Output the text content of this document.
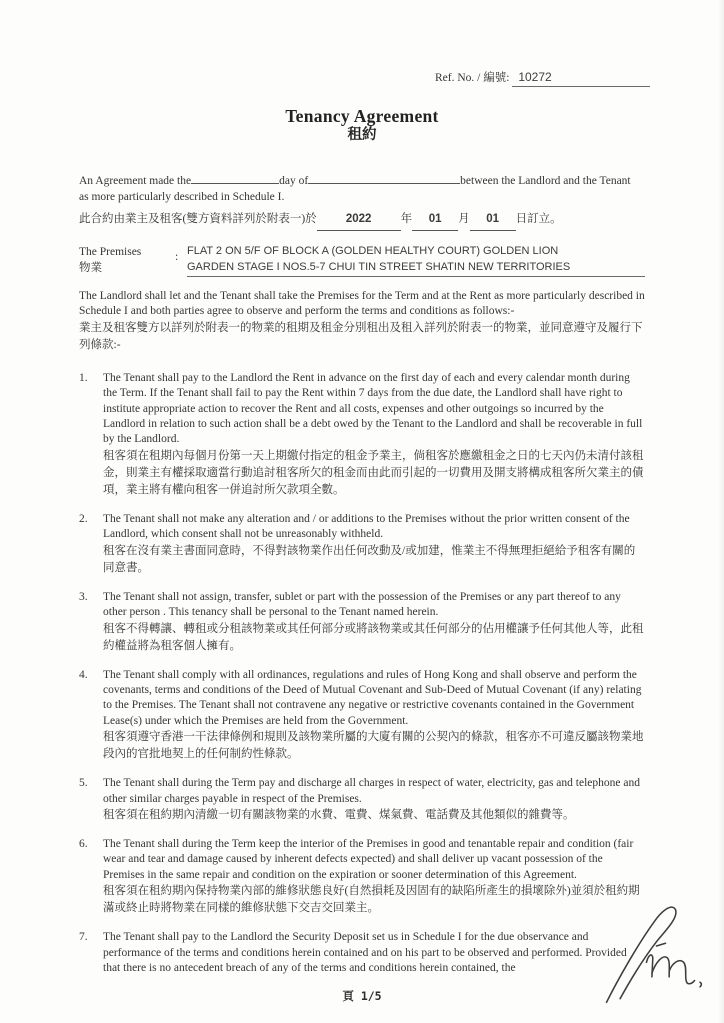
Ref. No. / 編號: 10272
Tenancy Agreement
租約
An Agreement made the	day of	between the Landlord and the Tenant
as more particularly described in Schedule I.
此合約由業主及租客(雙方資料詳列於附表一)於	2022	年 01 月 01 日訂立。
The Premises
物業
: FLAT 2 ON 5/F OF BLOCK A (GOLDEN HEALTHY COURT) GOLDEN LION
GARDEN STAGE I NOS.5-7 CHUI TIN STREET SHATIN NEW TERRITORIES
The Landlord shall let and the Tenant shall take the Premises for the Term and at the Rent as more particularly described in Schedule I and both parties agree to observe and perform the terms and conditions as follows:-
業主及租客雙方以詳列於附表一的物業的租期及租金分別租出及租入詳列於附表一的物業，並同意遵守及履行下列條款:-
1.	The Tenant shall pay to the Landlord the Rent in advance on the first day of each and every calendar month during the Term. If the Tenant shall fail to pay the Rent within 7 days from the due date, the Landlord shall have right to institute appropriate action to recover the Rent and all costs, expenses and other outgoings so incurred by the Landlord in relation to such action shall be a debt owed by the Tenant to the Landlord and shall be recoverable in full by the Landlord.
租客須在租期內每個月份第一天上期繳付指定的租金予業主，倘租客於應繳租金之日的七天內仍未清付該租金，則業主有權採取適當行動追討租客所欠的租金而由此而引起的一切費用及開支將構成租客所欠業主的債項，業主將有權向租客一併追討所欠款項全數。
2.	The Tenant shall not make any alteration and / or additions to the Premises without the prior written consent of the Landlord, which consent shall not be unreasonably withheld.
租客在沒有業主書面同意時，不得對該物業作出任何改動及/或加建，惟業主不得無理拒絕給予租客有關的同意書。
3.	The Tenant shall not assign, transfer, sublet or part with the possession of the Premises or any part thereof to any other person . This tenancy shall be personal to the Tenant named herein.
租客不得轉讓、轉租或分租該物業或其任何部分或將該物業或其任何部分的佔用權讓予任何其他人等，此租約權益將為租客個人擁有。
4.	The Tenant shall comply with all ordinances, regulations and rules of Hong Kong and shall observe and perform the covenants, terms and conditions of the Deed of Mutual Covenant and Sub-Deed of Mutual Covenant (if any) relating to the Premises. The Tenant shall not contravene any negative or restrictive covenants contained in the Government Lease(s) under which the Premises are held from the Government.
租客須遵守香港一干法律條例和規則及該物業所屬的大廈有關的公契內的條款，租客亦不可違反屬該物業地段內的官批地契上的任何制約性條款。
5.	The Tenant shall during the Term pay and discharge all charges in respect of water, electricity, gas and telephone and other similar charges payable in respect of the Premises.
租客須在租約期內清繳一切有關該物業的水費、電費、煤氣費、電話費及其他類似的雜費等。
6.	The Tenant shall during the Term keep the interior of the Premises in good and tenantable repair and condition (fair wear and tear and damage caused by inherent defects expected) and shall deliver up vacant possession of the Premises in the same repair and condition on the expiration or sooner determination of this Agreement.
租客須在租約期內保持物業內部的維修狀態良好(自然損耗及因固有的缺陷所產生的損壞除外)並須於租約期滿或終止時將物業在同樣的維修狀態下交吉交回業主。
7.	The Tenant shall pay to the Landlord the Security Deposit set us in Schedule I for the due observance and performance of the terms and conditions herein contained and on his part to be observed and performed. Provided that there is no antecedent breach of any of the terms and conditions herein contained, the
頁 1/5
